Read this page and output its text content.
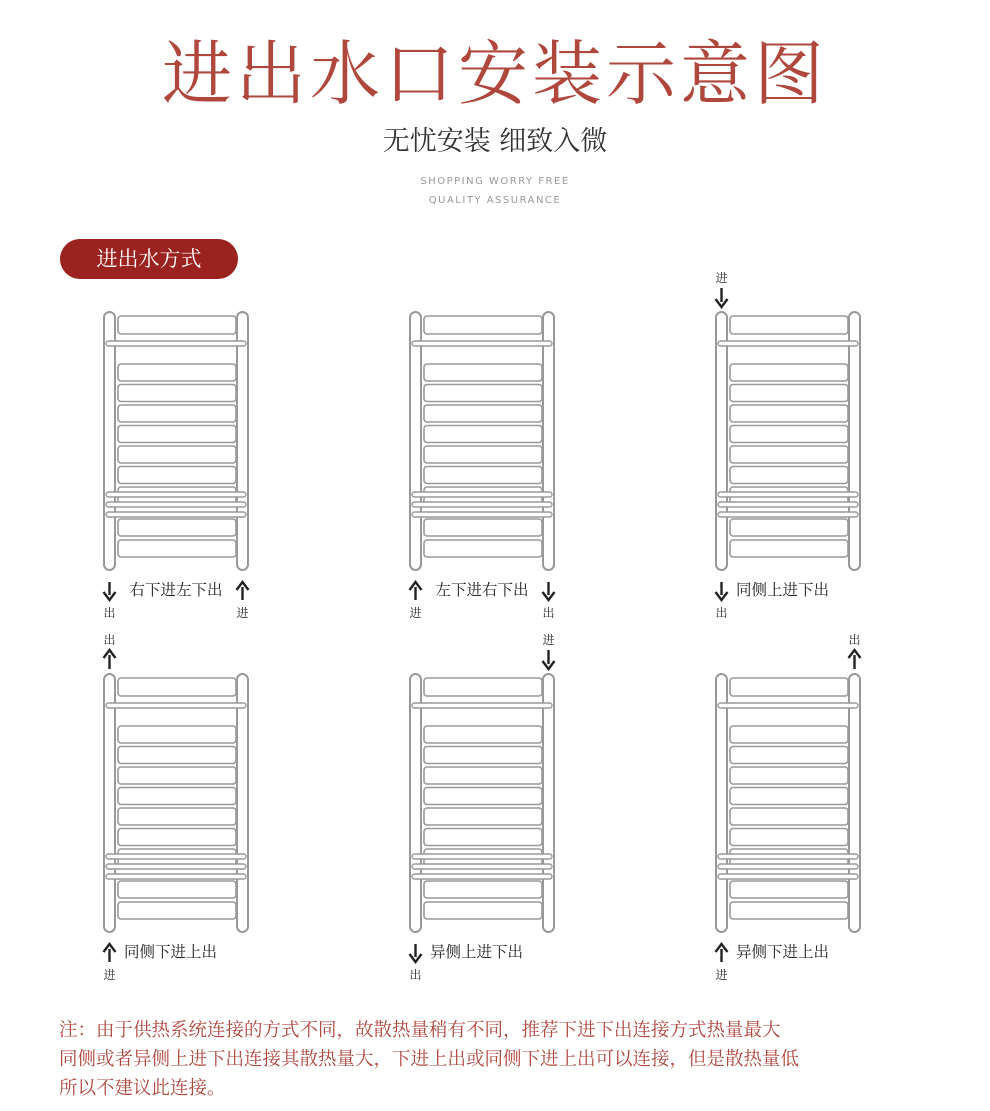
进出水口安装示意图
无忧安装 细致入微
SHOPPING WORRY FREE
QUALITY ASSURANCE
进出水方式
出	进
右下进左下出
进	出
左下进右下出	同侧上进下出
出
进
同侧下进上出
进
出
异侧上进下出
出
进
异侧下进上出
进
出
注：由于供热系统连接的方式不同，故散热量稍有不同，推荐下进下出连接方式热量最大
同侧或者异侧上进下出连接其散热量大，下进上出或同侧下进上出可以连接，但是散热量低
所以不建议此连接。
